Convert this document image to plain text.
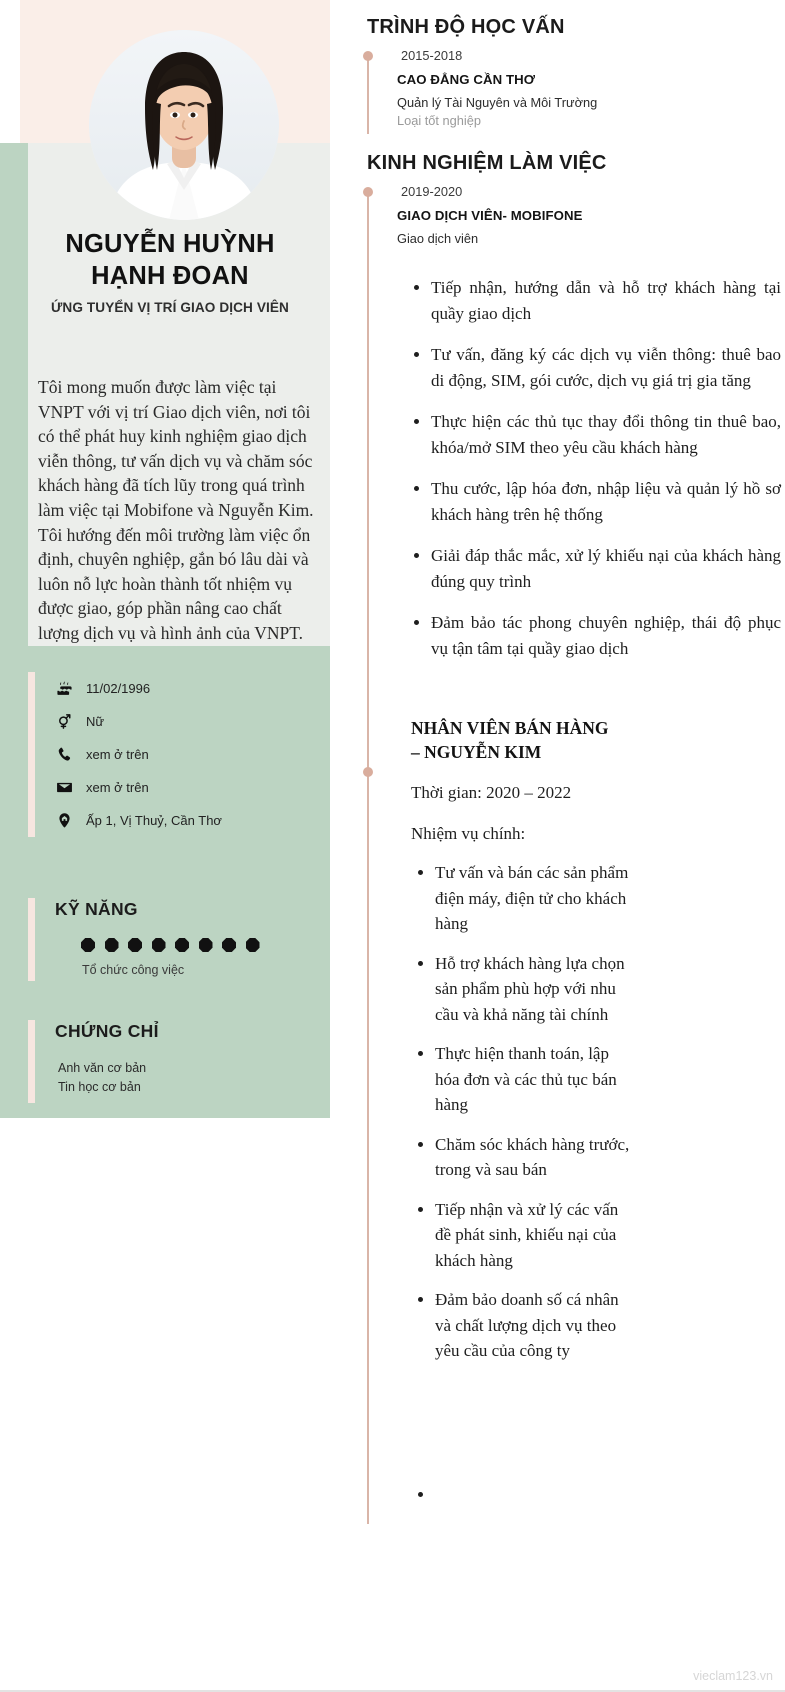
NGUYỄN HUỲNH
HẠNH ĐOAN
ỨNG TUYỂN VỊ TRÍ GIAO DỊCH VIÊN
Tôi mong muốn được làm việc tại VNPT với vị trí Giao dịch viên, nơi tôi có thể phát huy kinh nghiệm giao dịch viễn thông, tư vấn dịch vụ và chăm sóc khách hàng đã tích lũy trong quá trình làm việc tại Mobifone và Nguyễn Kim. Tôi hướng đến môi trường làm việc ổn định, chuyên nghiệp, gắn bó lâu dài và luôn nỗ lực hoàn thành tốt nhiệm vụ được giao, góp phần nâng cao chất lượng dịch vụ và hình ảnh của VNPT.
11/02/1996
Nữ
xem ở trên
xem ở trên
Ấp 1, Vị Thuỷ, Cần Thơ
KỸ NĂNG
Tổ chức công việc
CHỨNG CHỈ
Anh văn cơ bản
Tin học cơ bản
TRÌNH ĐỘ HỌC VẤN
2015-2018
CAO ĐẲNG CẦN THƠ
Quản lý Tài Nguyên và Môi Trường
Loại tốt nghiệp
KINH NGHIỆM LÀM VIỆC
2019-2020
GIAO DỊCH VIÊN- MOBIFONE
Giao dịch viên
• Tiếp nhận, hướng dẫn và hỗ trợ khách hàng tại quầy giao dịch
• Tư vấn, đăng ký các dịch vụ viễn thông: thuê bao di động, SIM, gói cước, dịch vụ giá trị gia tăng
• Thực hiện các thủ tục thay đổi thông tin thuê bao, khóa/mở SIM theo yêu cầu khách hàng
• Thu cước, lập hóa đơn, nhập liệu và quản lý hồ sơ khách hàng trên hệ thống
• Giải đáp thắc mắc, xử lý khiếu nại của khách hàng đúng quy trình
• Đảm bảo tác phong chuyên nghiệp, thái độ phục vụ tận tâm tại quầy giao dịch
NHÂN VIÊN BÁN HÀNG
– NGUYỄN KIM
Thời gian: 2020 – 2022
Nhiệm vụ chính:
• Tư vấn và bán các sản phẩm điện máy, điện tử cho khách hàng
• Hỗ trợ khách hàng lựa chọn sản phẩm phù hợp với nhu cầu và khả năng tài chính
• Thực hiện thanh toán, lập hóa đơn và các thủ tục bán hàng
• Chăm sóc khách hàng trước, trong và sau bán
• Tiếp nhận và xử lý các vấn đề phát sinh, khiếu nại của khách hàng
• Đảm bảo doanh số cá nhân và chất lượng dịch vụ theo yêu cầu của công ty
•
vieclam123.vn
